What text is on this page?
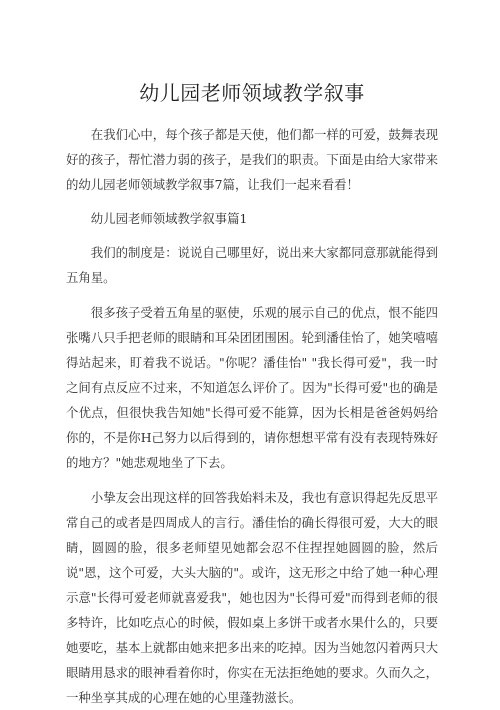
幼儿园老师领域教学叙事

在我们心中，每个孩子都是天使，他们都一样的可爱，鼓舞表现好的孩子，帮忙潜力弱的孩子，是我们的职责。下面是由给大家带来的幼儿园老师领域教学叙事7篇，让我们一起来看看！

幼儿园老师领域教学叙事篇1

我们的制度是：说说自己哪里好，说出来大家都同意那就能得到五角星。

很多孩子受着五角星的驱使，乐观的展示自己的优点，恨不能四张嘴八只手把老师的眼睛和耳朵团团围困。轮到潘佳怡了，她笑嘻嘻得站起来，盯着我不说话。"你呢？潘佳怡" "我长得可爱"，我一时之间有点反应不过来，不知道怎么评价了。因为"长得可爱"也的确是个优点，但很快我告知她"长得可爱不能算，因为长相是爸爸妈妈给你的，不是你H己努力以后得到的，请你想想平常有没有表现特殊好的地方？"她悲观地坐了下去。

小挚友会出现这样的回答我始料未及，我也有意识得起先反思平常自己的或者是四周成人的言行。潘佳怡的确长得很可爱，大大的眼睛，圆圆的脸，很多老师望见她都会忍不住捏捏她圆圆的脸，然后说"恩，这个可爱，大头大脑的"。或许，这无形之中给了她一种心理示意"长得可爱老师就喜爱我"，她也因为"长得可爱"而得到老师的很多特许，比如吃点心的时候，假如桌上多饼干或者水果什么的，只要她要吃，基本上就都由她来把多出来的吃掉。因为当她忽闪着两只大眼睛用恳求的眼神看着你时，你实在无法拒绝她的要求。久而久之，一种坐享其成的心理在她的心里蓬勃滋长。
